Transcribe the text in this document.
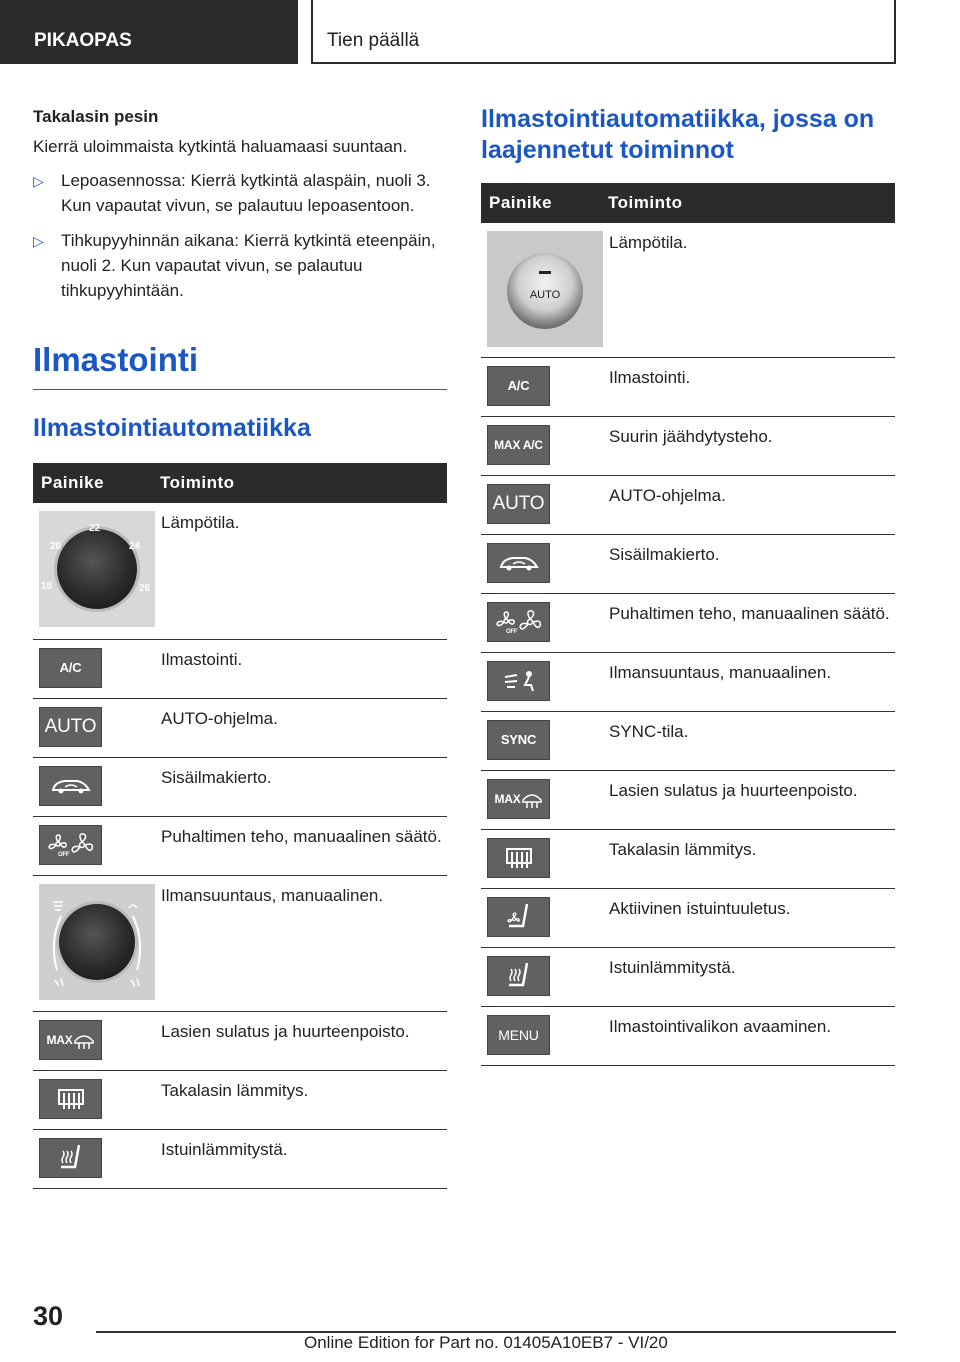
PIKAOPAS	Tien päällä
Takalasin pesin
Kierrä uloimmaista kytkintä haluamaasi suuntaan.
▷ Lepoasennossa: Kierrä kytkintä alaspäin, nuoli 3. Kun vapautat vivun, se palautuu lepoasentoon.
▷ Tihkupyyhinnän aikana: Kierrä kytkintä eteenpäin, nuoli 2. Kun vapautat vivun, se palautuu tihkupyyhintään.
Ilmastointi
Ilmastointiautomatiikka
Painike	Toiminto

20
22
24
18 26	Lämpötila.

A/C	Ilmastointi.

AUTO	AUTO-ohjelma.

	Sisäilmakierto.

OFF	Puhaltimen teho, manuaalinen säätö.

	Ilmansuuntaus, manuaalinen.

MAX	Lasien sulatus ja huurteenpoisto.

	Takalasin lämmitys.

	Istuinlämmitystä.
Ilmastointiautomatiikka, jossa on laajennetut toiminnot
Painike	Toiminto

AUTO	Lämpötila.

A/C	Ilmastointi.

MAX A/C	Suurin jäähdytysteho.

AUTO	AUTO-ohjelma.

	Sisäilmakierto.

OFF	Puhaltimen teho, manuaalinen säätö.

	Ilmansuuntaus, manuaalinen.

SYNC	SYNC-tila.

MAX	Lasien sulatus ja huurteenpoisto.

	Takalasin lämmitys.

	Aktiivinen istuintuuletus.

	Istuinlämmitystä.

MENU	Ilmastointivalikon avaaminen.
30
Online Edition for Part no. 01405A10EB7 - VI/20
